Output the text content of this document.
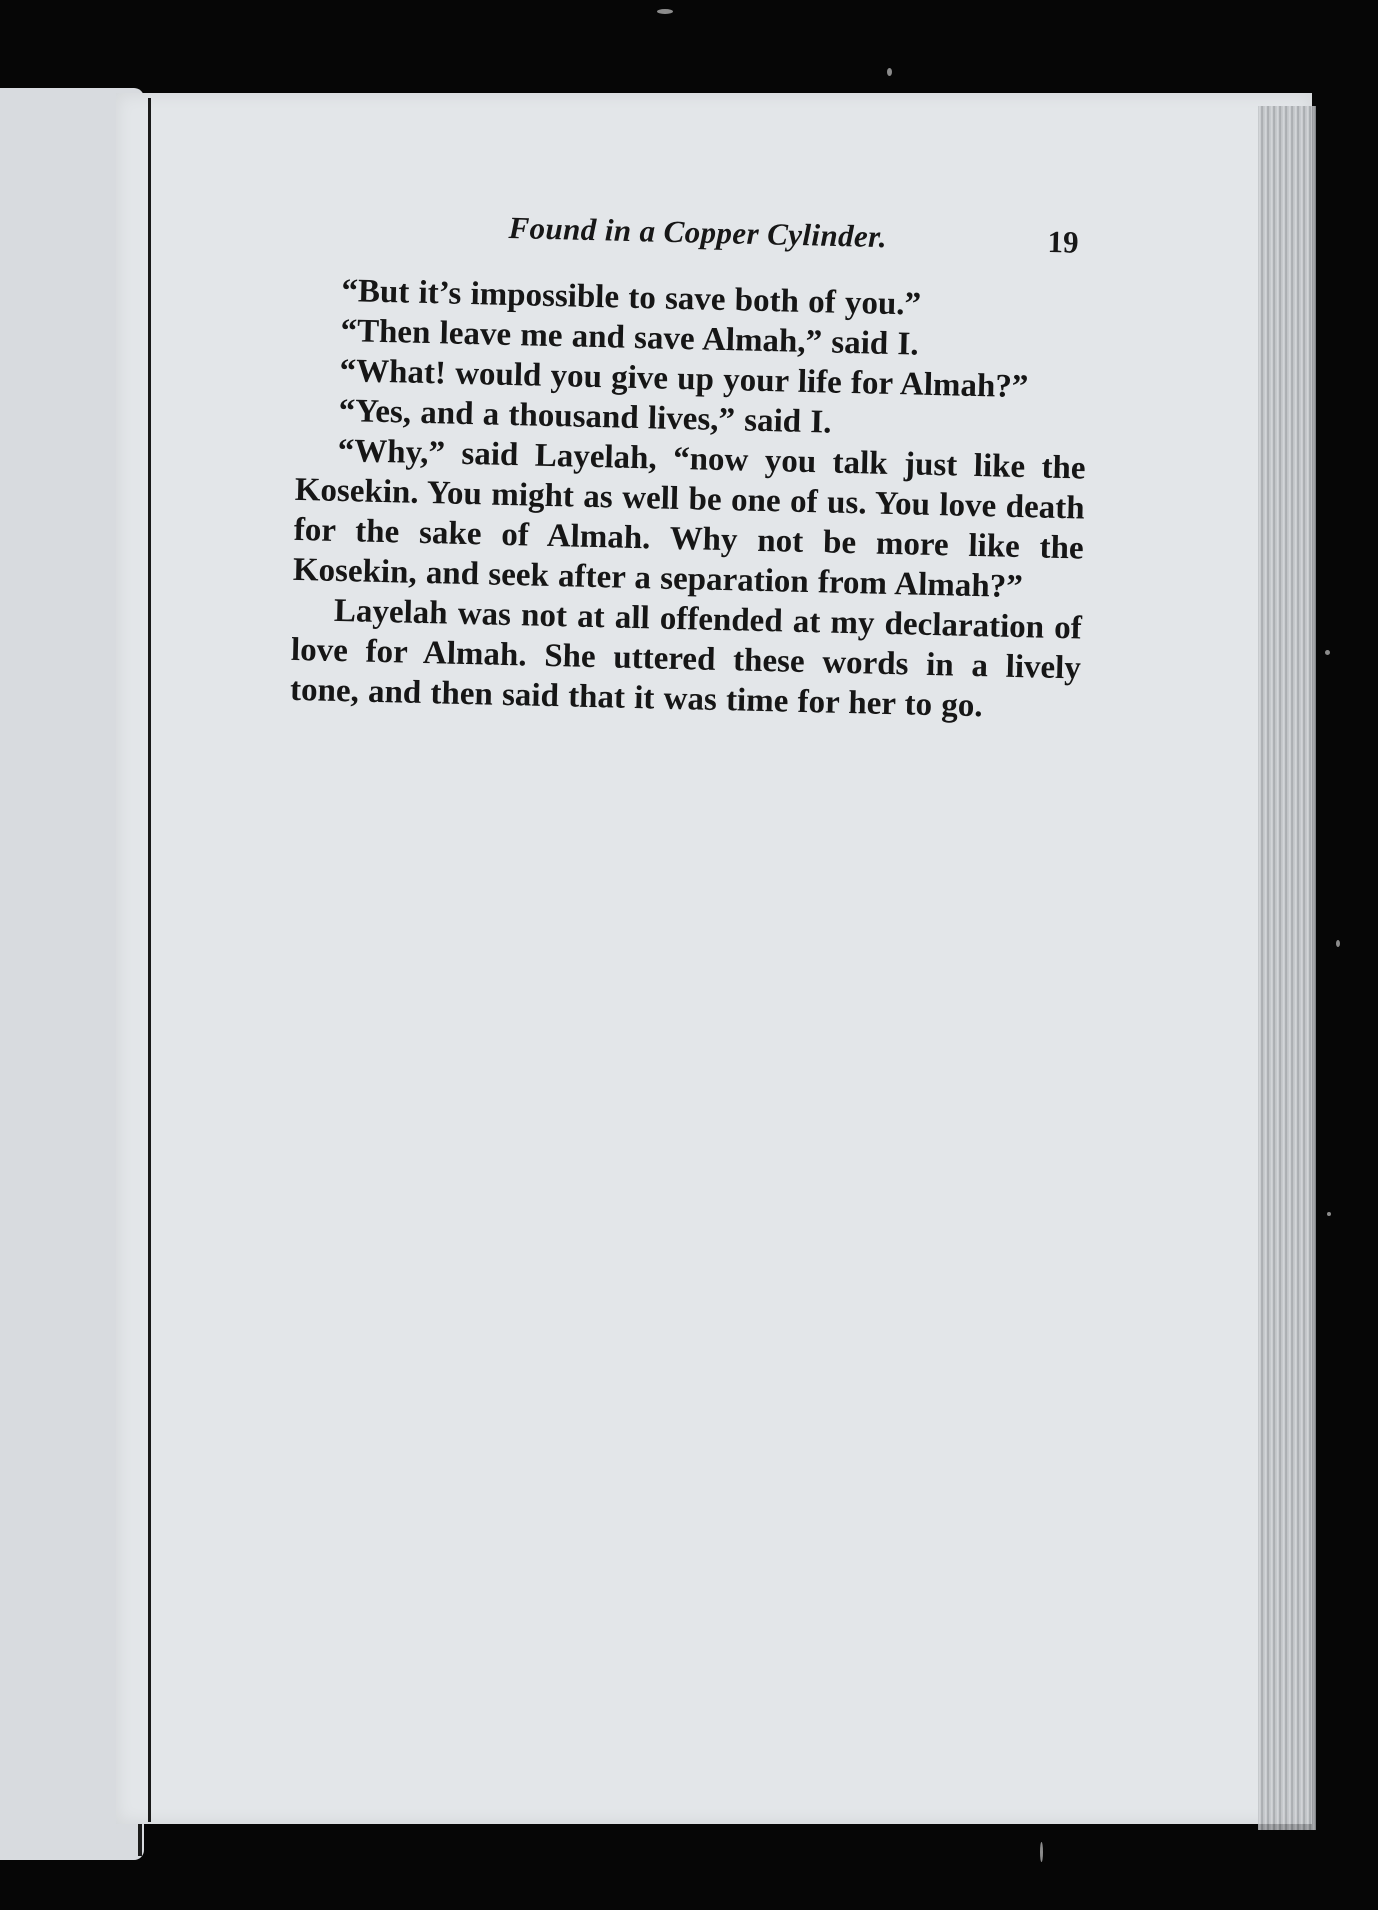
Found in a Copper Cylinder.	19

“But it’s impossible to save both of you.”

“Then leave me and save Almah,” said I.

“What! would you give up your life for Almah?”

“Yes, and a thousand lives,” said I.

“Why,” said Layelah, “now you talk just like the Kosekin. You might as well be one of us. You love death for the sake of Almah. Why not be more like the Kosekin, and seek after a separation from Almah?”

Layelah was not at all offended at my declaration of love for Almah. She uttered these words in a lively tone, and then said that it was time for her to go.
